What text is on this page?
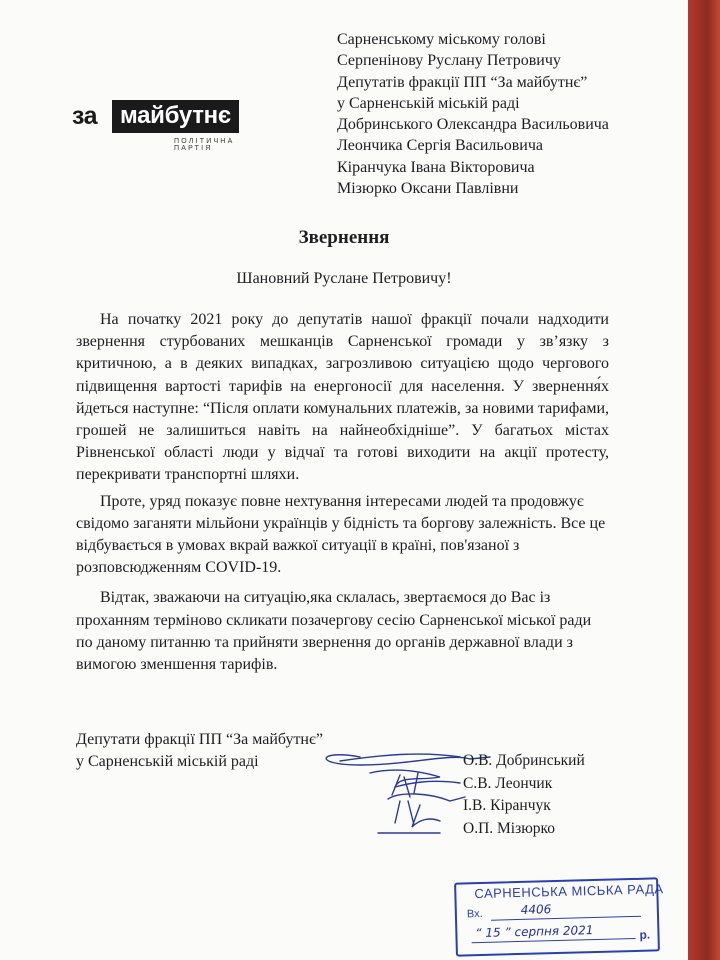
за майбутнє
ПОЛІТИЧНА ПАРТІЯ
Сарненському міському голові
Серпенінову Руслану Петровичу
Депутатів фракції ПП “За майбутнє”
у Сарненській міській раді
Добринського Олександра Васильовича
Леончика Сергія Васильовича
Кіранчука Івана Вікторовича
Мізюрко Оксани Павлівни
Звернення
Шановний Руслане Петровичу!

На початку 2021 року до депутатів нашої фракції почали надходити звернення стурбованих мешканців Сарненської громади у зв’язку з критичною, а в деяких випадках, загрозливою ситуацією щодо чергового підвищення вартості тарифів на енергоносії для населення. У звернення́х йдеться наступне: “Після оплати комунальних платежів, за новими тарифами, грошей не залишиться навіть на найнеобхідніше”. У багатьох містах Рівненської області люди у відчаї та готові виходити на акції протесту, перекривати транспортні шляхи.

Проте, уряд показує повне нехтування інтересами людей та продовжує свідомо заганяти мільйони українців у бідність та боргову залежність. Все це відбувається в умовах вкрай важкої ситуації в країні, пов'язаної з розповсюдженням COVID-19.

Відтак, зважаючи на ситуацію,яка склалась, звертаємося до Вас із проханням терміново скликати позачергову сесію Сарненської міської ради по даному питанню та прийняти звернення до органів державної влади з вимогою зменшення тарифів.

Депутати фракції ПП “За майбутнє”
у Сарненській міській раді	О.В. Добринський
С.В. Леончик
І.В. Кіранчук
О.П. Мізюрко
САРНЕНСЬКА МІСЬКА РАДА
Вх.	4406
“ 15 ” серпня 2021	р.
